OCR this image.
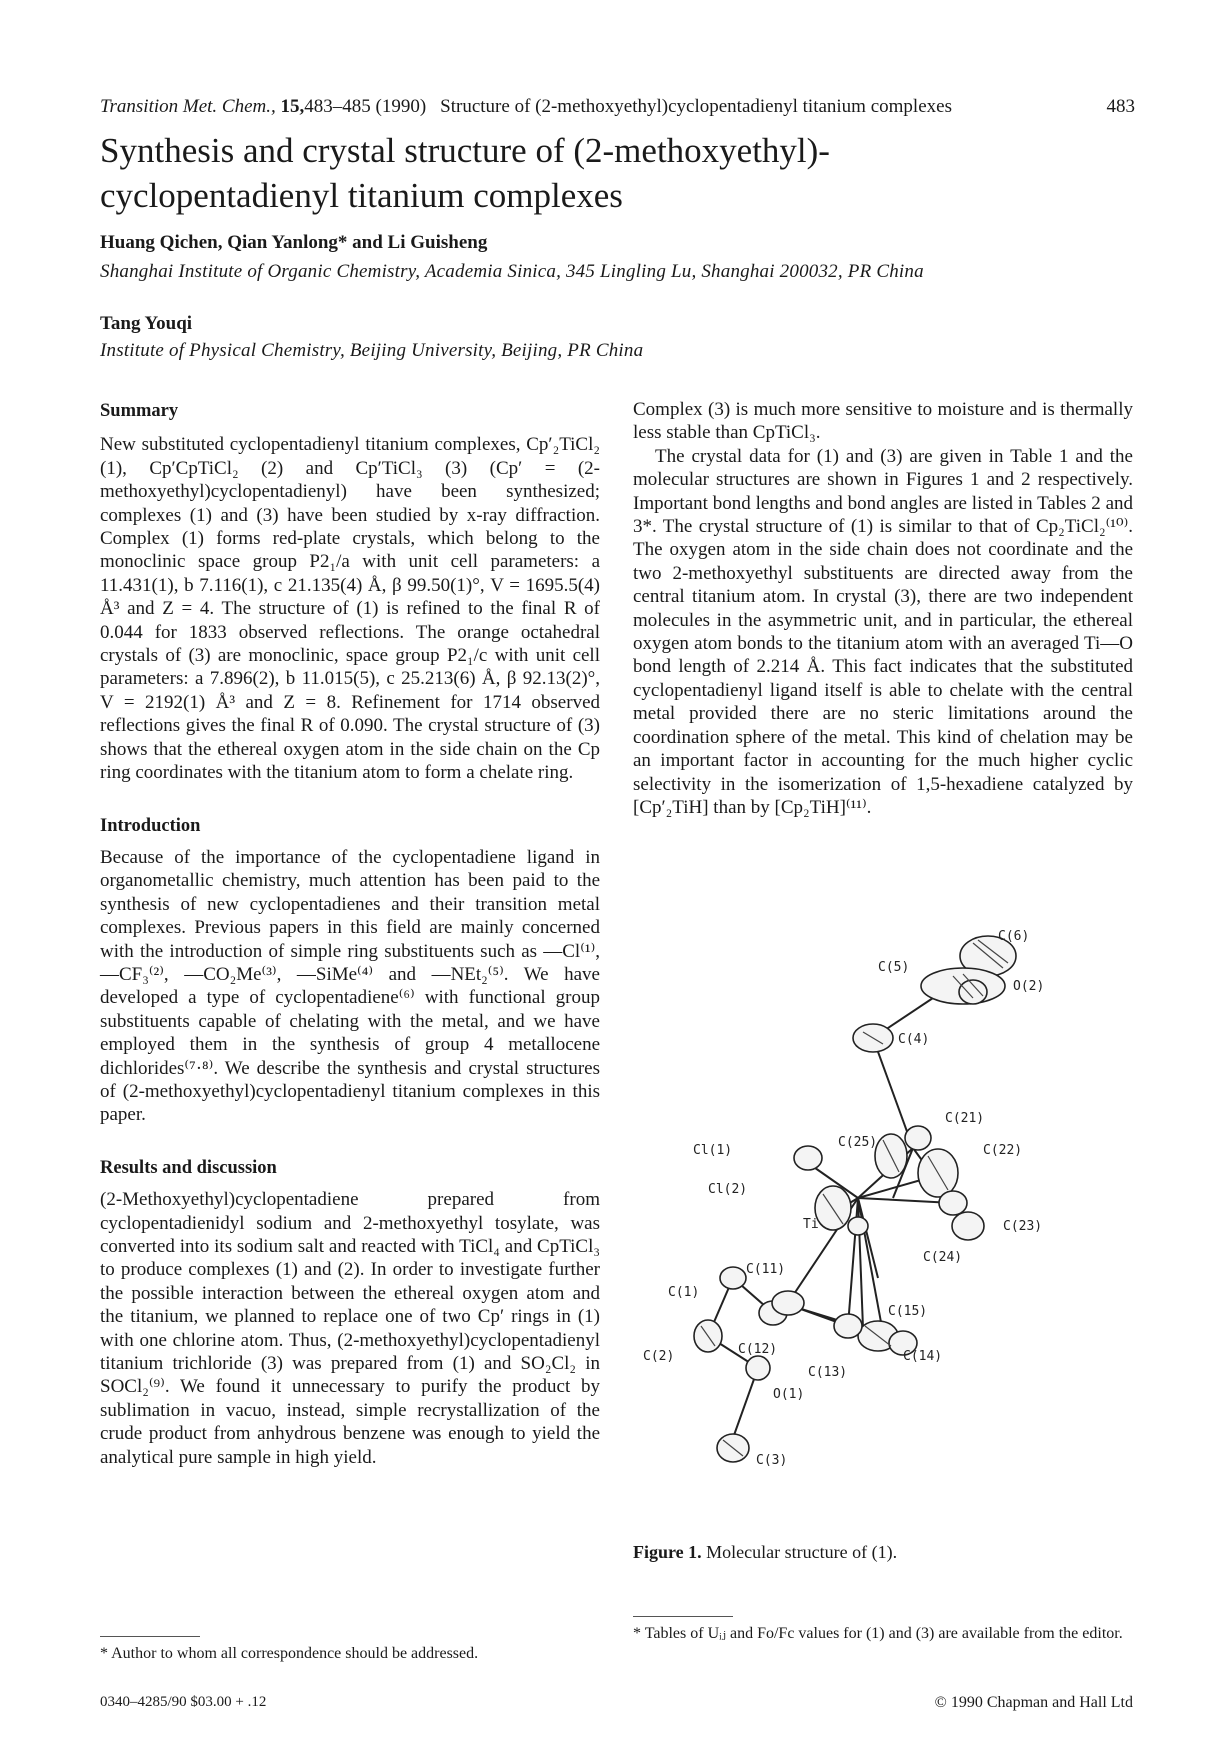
Transition Met. Chem.,
15, 483–485 (1990) Structure of (2-methoxyethyl)cyclopentadienyl titanium complexes	483
Synthesis and crystal structure of (2-methoxyethyl)-
cyclopentadienyl titanium complexes
Huang Qichen, Qian Yanlong* and Li Guisheng
Shanghai Institute of Organic Chemistry, Academia Sinica, 345 Lingling Lu, Shanghai 200032, PR China
Tang Youqi
Institute of Physical Chemistry, Beijing University, Beijing, PR China
Summary

New substituted cyclopentadienyl titanium complexes, Cp′₂TiCl₂ (1), Cp′CpTiCl₂ (2) and Cp′TiCl₃ (3) (Cp′ = (2-methoxyethyl)cyclopentadienyl) have been synthesized; complexes (1) and (3) have been studied by x-ray diffraction. Complex (1) forms red-plate crystals, which belong to the monoclinic space group P2₁/a with unit cell parameters: a 11.431(1), b 7.116(1), c 21.135(4) Å, β 99.50(1)°, V = 1695.5(4) Å³ and Z = 4. The structure of (1) is refined to the final R of 0.044 for 1833 observed reflections. The orange octahedral crystals of (3) are monoclinic, space group P2₁/c with unit cell parameters: a 7.896(2), b 11.015(5), c 25.213(6) Å, β 92.13(2)°, V = 2192(1) Å³ and Z = 8. Refinement for 1714 observed reflections gives the final R of 0.090. The crystal structure of (3) shows that the ethereal oxygen atom in the side chain on the Cp ring coordinates with the titanium atom to form a chelate ring.

Introduction

Because of the importance of the cyclopentadiene ligand in organometallic chemistry, much attention has been paid to the synthesis of new cyclopentadienes and their transition metal complexes. Previous papers in this field are mainly concerned with the introduction of simple ring substituents such as —Cl⁽¹⁾, —CF₃⁽²⁾, —CO₂Me⁽³⁾, —SiMe⁽⁴⁾ and —NEt₂⁽⁵⁾. We have developed a type of cyclopentadiene⁽⁶⁾ with functional group substituents capable of chelating with the metal, and we have employed them in the synthesis of group 4 metallocene dichlorides⁽⁷·⁸⁾. We describe the synthesis and crystal structures of (2-methoxyethyl)cyclopentadienyl titanium complexes in this paper.

Results and discussion

(2-Methoxyethyl)cyclopentadiene prepared from cyclopentadienidyl sodium and 2-methoxyethyl tosylate, was converted into its sodium salt and reacted with TiCl₄ and CpTiCl₃ to produce complexes (1) and (2). In order to investigate further the possible interaction between the ethereal oxygen atom and the titanium, we planned to replace one of two Cp′ rings in (1) with one chlorine atom. Thus, (2-methoxyethyl)cyclopentadienyl titanium trichloride (3) was prepared from (1) and SO₂Cl₂ in SOCl₂⁽⁹⁾. We found it unnecessary to purify the product by sublimation in vacuo, instead, simple recrystallization of the crude product from anhydrous benzene was enough to yield the analytical pure sample in high yield.

Complex (3) is much more sensitive to moisture and is thermally less stable than CpTiCl₃.

The crystal data for (1) and (3) are given in Table 1 and the molecular structures are shown in Figures 1 and 2 respectively. Important bond lengths and bond angles are listed in Tables 2 and 3*. The crystal structure of (1) is similar to that of Cp₂TiCl₂⁽¹⁰⁾. The oxygen atom in the side chain does not coordinate and the two 2-methoxyethyl substituents are directed away from the central titanium atom. In crystal (3), there are two independent molecules in the asymmetric unit, and in particular, the ethereal oxygen atom bonds to the titanium atom with an averaged Ti—O bond length of 2.214 Å. This fact indicates that the substituted cyclopentadienyl ligand itself is able to chelate with the central metal provided there are no steric limitations around the coordination sphere of the metal. This kind of chelation may be an important factor in accounting for the much higher cyclic selectivity in the isomerization of 1,5-hexadiene catalyzed by [Cp′₂TiH] than by [Cp₂TiH]⁽¹¹⁾.

C(6)
C(5)
O(2)
C(4)
C(21)
C(25)
C(22)
Cl(1)
Cl(2)
Ti	C(23)
C(24)
C(11)
C(1)
C(15)
C(2)	C(12)	C(14)
C(13)
O(1)
C(3)
Figure 1. Molecular structure of (1).
* Author to whom all correspondence should be addressed.
* Tables of Uᵢⱼ and Fo/Fc values for (1) and (3) are available from the editor.
0340–4285/90 $03.00 + .12	© 1990 Chapman and Hall Ltd
